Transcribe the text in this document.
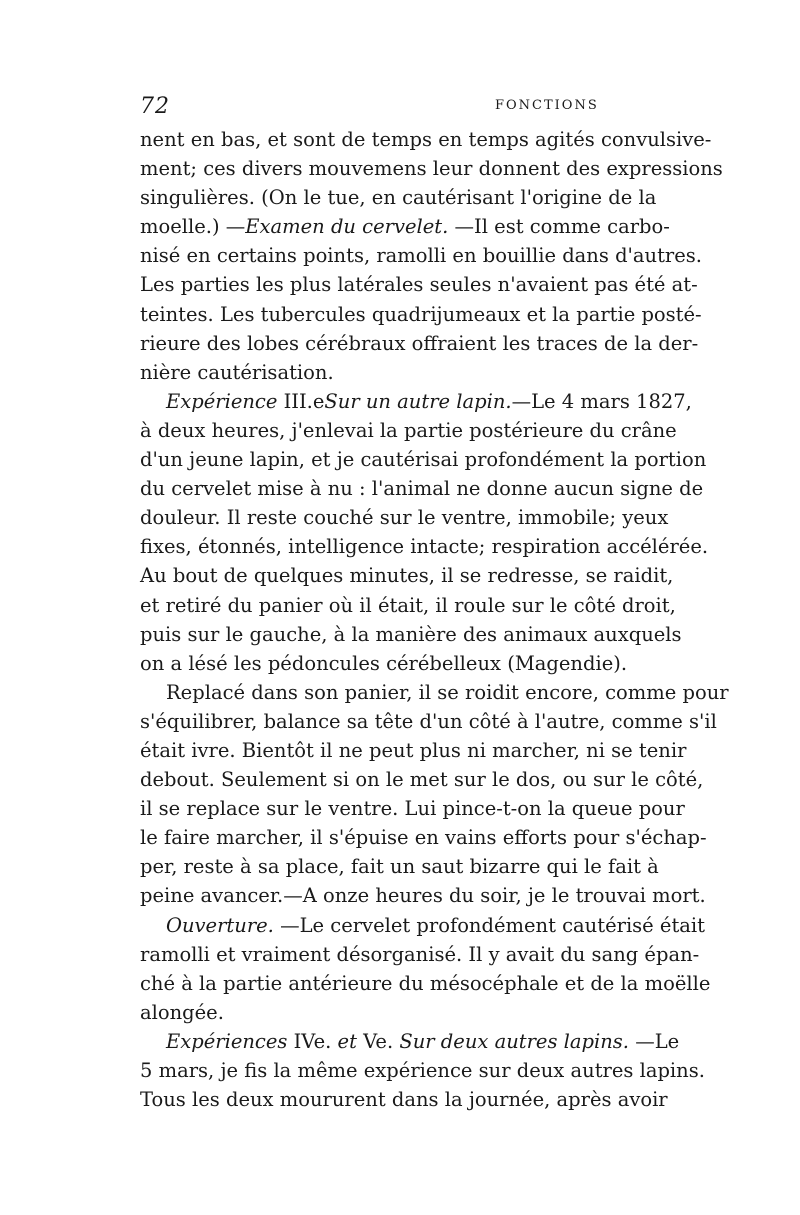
72	FONCTIONS
nent en bas, et sont de temps en temps agités convulsive-
ment; ces divers mouvemens leur donnent des expressions
singulières. (On le tue, en cautérisant l'origine de la
moelle.) —Examen du cervelet. —Il est comme carbo-
nisé en certains points, ramolli en bouillie dans d'autres.
Les parties les plus latérales seules n'avaient pas été at-
teintes. Les tubercules quadrijumeaux et la partie posté-
rieure des lobes cérébraux offraient les traces de la der-
nière cautérisation.
Expérience III.eSur un autre lapin.—Le 4 mars 1827,
à deux heures, j'enlevai la partie postérieure du crâne
d'un jeune lapin, et je cautérisai profondément la portion
du cervelet mise à nu : l'animal ne donne aucun signe de
douleur. Il reste couché sur le ventre, immobile; yeux
fixes, étonnés, intelligence intacte; respiration accélérée.
Au bout de quelques minutes, il se redresse, se raidit,
et retiré du panier où il était, il roule sur le côté droit,
puis sur le gauche, à la manière des animaux auxquels
on a lésé les pédoncules cérébelleux (Magendie).
Replacé dans son panier, il se roidit encore, comme pour
s'équilibrer, balance sa tête d'un côté à l'autre, comme s'il
était ivre. Bientôt il ne peut plus ni marcher, ni se tenir
debout. Seulement si on le met sur le dos, ou sur le côté,
il se replace sur le ventre. Lui pince-t-on la queue pour
le faire marcher, il s'épuise en vains efforts pour s'échap-
per, reste à sa place, fait un saut bizarre qui le fait à
peine avancer.—A onze heures du soir, je le trouvai mort.
Ouverture. —Le cervelet profondément cautérisé était
ramolli et vraiment désorganisé. Il y avait du sang épan-
ché à la partie antérieure du mésocéphale et de la moëlle
alongée.
Expériences IVe. et Ve. Sur deux autres lapins. —Le
5 mars, je fis la même expérience sur deux autres lapins.
Tous les deux moururent dans la journée, après avoir
